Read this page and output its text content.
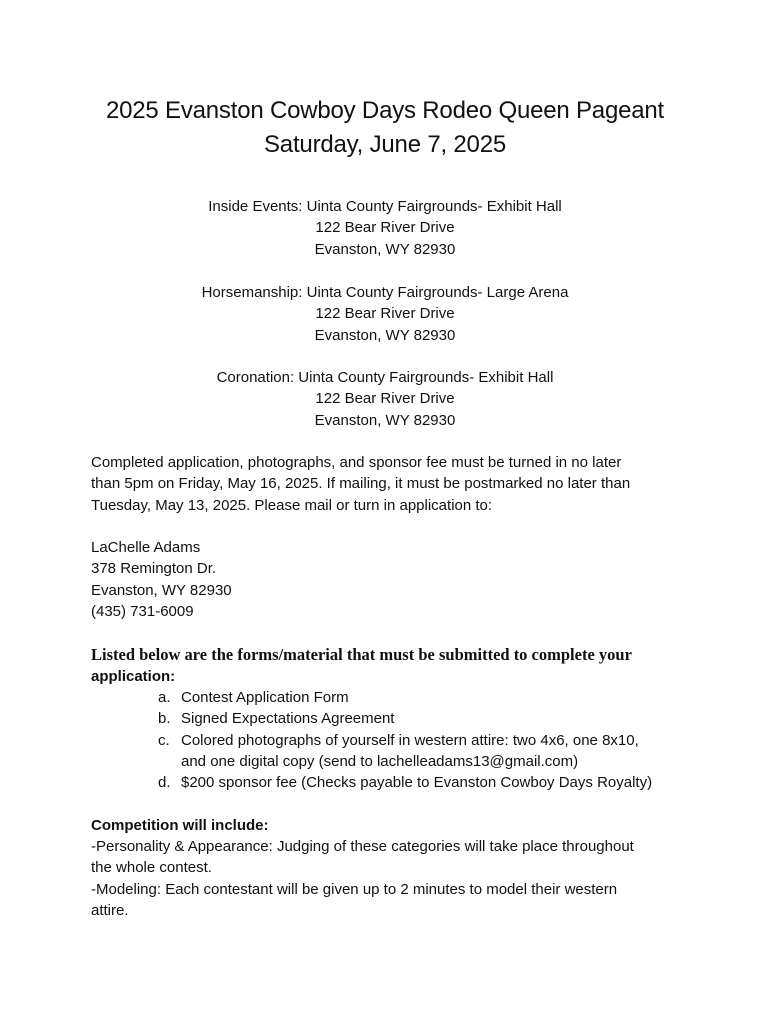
2025 Evanston Cowboy Days Rodeo Queen Pageant
Saturday, June 7, 2025
Inside Events: Uinta County Fairgrounds- Exhibit Hall
122 Bear River Drive
Evanston, WY 82930
Horsemanship: Uinta County Fairgrounds- Large Arena
122 Bear River Drive
Evanston, WY 82930
Coronation: Uinta County Fairgrounds- Exhibit Hall
122 Bear River Drive
Evanston, WY 82930
Completed application, photographs, and sponsor fee must be turned in no later
than 5pm on Friday, May 16, 2025. If mailing, it must be postmarked no later than
Tuesday, May 13, 2025. Please mail or turn in application to:
LaChelle Adams
378 Remington Dr.
Evanston, WY 82930
(435) 731-6009
Listed below are the forms/material that must be submitted to complete your
application:
a. Contest Application Form
b. Signed Expectations Agreement
c. Colored photographs of yourself in western attire: two 4x6, one 8x10,
and one digital copy (send to lachelleadams13@gmail.com)
d. $200 sponsor fee (Checks payable to Evanston Cowboy Days Royalty)
Competition will include:
-Personality & Appearance: Judging of these categories will take place throughout
the whole contest.
-Modeling: Each contestant will be given up to 2 minutes to model their western
attire.
